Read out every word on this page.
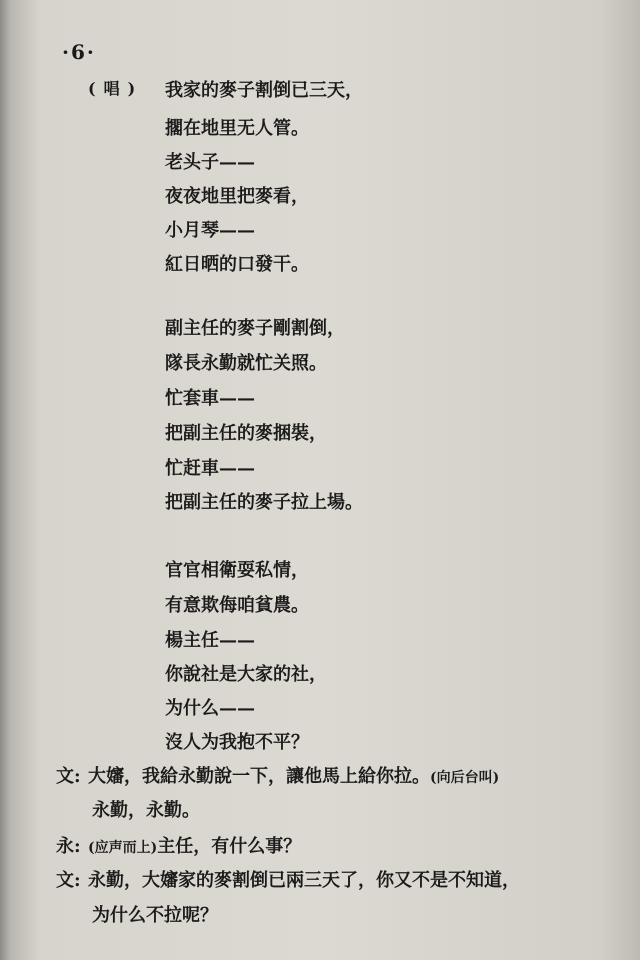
·6·
(唱) 我家的麥子割倒已三天，
擱在地里无人管。
老头子——
夜夜地里把麥看，
小月琴——
紅日晒的口發干。
副主任的麥子剛割倒，
隊長永勤就忙关照。
忙套車——
把副主任的麥捆裝，
忙赶車——
把副主任的麥子拉上場。
官官相衛耍私情，
有意欺侮咱貧農。
楊主任——
你說社是大家的社，
为什么——
沒人为我抱不平？
文: 大嬸，我給永勤說一下，讓他馬上給你拉。(向后台叫)
永勤，永勤。
永: (应声而上)主任，有什么事？
文: 永勤，大嬸家的麥割倒已兩三天了，你又不是不知道，
为什么不拉呢？
